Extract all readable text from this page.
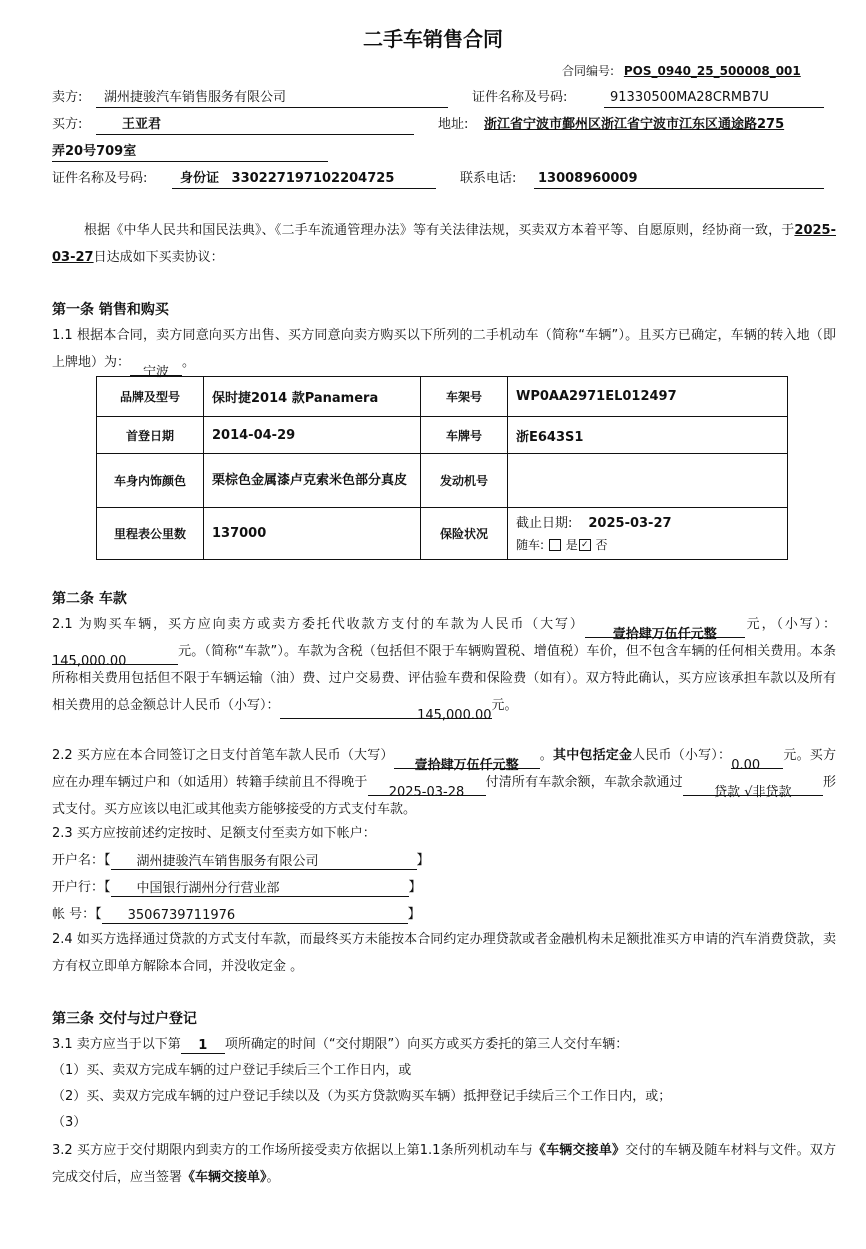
二手车销售合同
合同编号: POS_0940_25_500008_001
卖方:	湖州捷骏汽车销售服务有限公司	证件名称及号码:	91330500MA28CRMB7U
买方:	王亚君	地址: 浙江省宁波市鄞州区浙江省宁波市江东区通途路275
弄20号709室
证件名称及号码:	身份证 330227197102204725	联系电话:	13008960009
根据《中华人民共和国民法典》、《二手车流通管理办法》等有关法律法规，买卖双方本着平等、自愿原则，经协商一致，于2025-03-27日达成如下买卖协议：
第一条 销售和购买
1.1 根据本合同，卖方同意向买方出售、买方同意向卖方购买以下所列的二手机动车（简称“车辆”）。且买方已确定，车辆的转入地（即上牌地）为：宁波。
品牌及型号	保时捷2014 款Panamera	车架号	WP0AA2971EL012497
首登日期	2014-04-29	车牌号	浙E643S1
车身内饰颜色	栗棕色金属漆卢克索米色部分真皮	发动机号	
里程表公里数	137000	保险状况	截止日期: 2025-03-27
随车: 是 ✓ 否
第二条 车款
2.1 为购买车辆，买方应向卖方或卖方委托代收款方支付的车款为人民币（大写）壹拾肆万伍仟元整元，（小写）：145,000.00元。（简称“车款”）。车款为含税（包括但不限于车辆购置税、增值税）车价，但不包含车辆的任何相关费用。本条所称相关费用包括但不限于车辆运输（油）费、过户交易费、评估验车费和保险费（如有）。双方特此确认，买方应该承担车款以及所有相关费用的总金额总计人民币（小写）：145,000.00元。
2.2 买方应在本合同签订之日支付首笔车款人民币（大写）壹拾肆万伍仟元整。其中包括定金人民币（小写）：0.00元。买方应在办理车辆过户和（如适用）转籍手续前且不得晚于2025-03-28付清所有车款余额，车款余款通过贷款 √非贷款形式支付。买方应该以电汇或其他卖方能够接受的方式支付车款。
2.3 买方应按前述约定按时、足额支付至卖方如下帐户：
开户名：【 湖州捷骏汽车销售服务有限公司	】
开户行：【 中国银行湖州分行营业部	】
帐 号：【 3506739711976	】
2.4 如买方选择通过贷款的方式支付车款，而最终买方未能按本合同约定办理贷款或者金融机构未足额批准买方申请的汽车消费贷款，卖方有权立即单方解除本合同，并没收定金 。
第三条 交付与过户登记
3.1 卖方应当于以下第 1 项所确定的时间（“交付期限”）向买方或买方委托的第三人交付车辆：
（1）买、卖双方完成车辆的过户登记手续后三个工作日内，或
（2）买、卖双方完成车辆的过户登记手续以及（为买方贷款购买车辆）抵押登记手续后三个工作日内，或；
（3）
3.2 买方应于交付期限内到卖方的工作场所接受卖方依据以上第1.1条所列机动车与《车辆交接单》交付的车辆及随车材料与文件。双方完成交付后，应当签署《车辆交接单》。
